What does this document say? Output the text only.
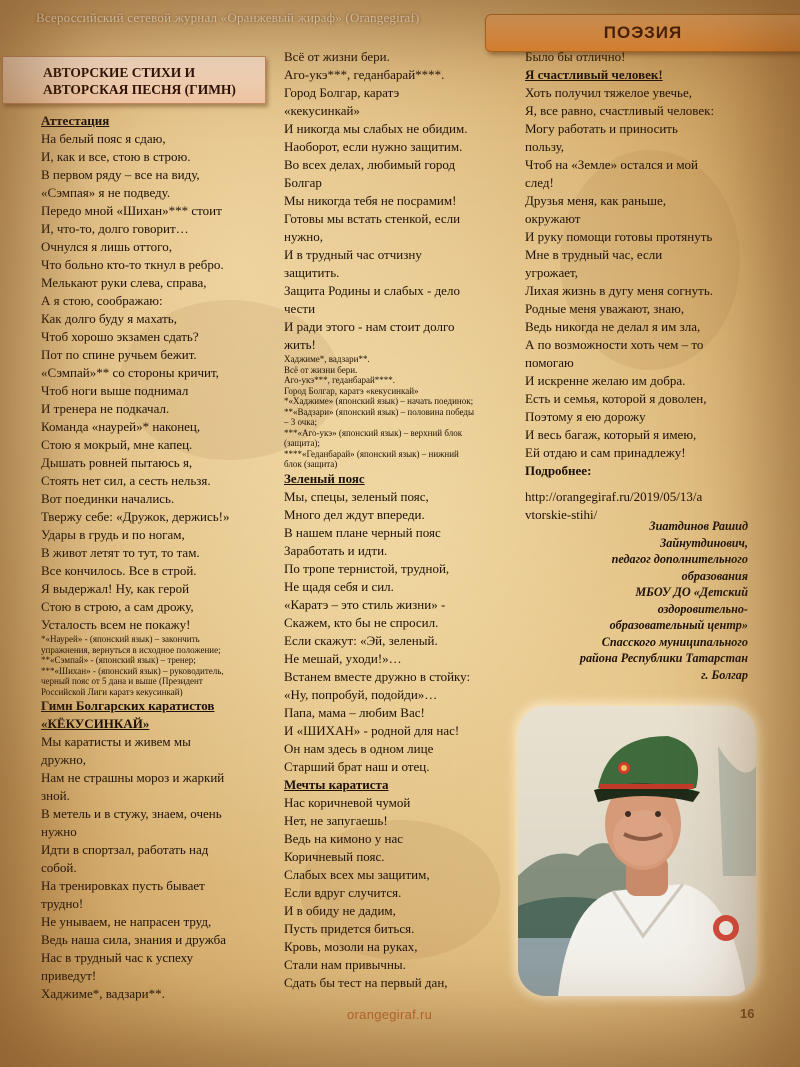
Всероссийский сетевой журнал «Оранжевый жираф» (Orangegiraf)
ПОЭЗИЯ
АВТОРСКИЕ СТИХИ И
АВТОРСКАЯ ПЕСНЯ (ГИМН)
Аттестация
На белый пояс я сдаю,
И, как и все, стою в строю.
В первом ряду – все на виду,
«Сэмпая» я не подведу.
Передо мной «Шихан»*** стоит
И, что-то, долго говорит…
Очнулся я лишь оттого,
Что больно кто-то ткнул в ребро.
Мелькают руки слева, справа,
А я стою, соображаю:
Как долго буду я махать,
Чтоб хорошо экзамен сдать?
Пот по спине ручьем бежит.
«Сэмпай»** со стороны кричит,
Чтоб ноги выше поднимал
И тренера не подкачал.
Команда «наурей»* наконец,
Стою я мокрый, мне капец.
Дышать ровней пытаюсь я,
Стоять нет сил, а сесть нельзя.
Вот поединки начались.
Твержу себе: «Дружок, держись!»
Удары в грудь и по ногам,
В живот летят то тут, то там.
Все кончилось. Все в строй.
Я выдержал! Ну, как герой
Стою в строю, а сам дрожу,
Усталость всем не покажу!
*«Наурей» - (японский язык) – закончить
упражнения, вернуться в исходное положение;
**«Сэмпай» - (японский язык) – тренер;
***«Шихан» - (японский язык) – руководитель,
черный пояс от 5 дана и выше (Президент
Российской Лиги каратэ кекусинкай)
Гимн Болгарских каратистов
«КЁКУСИНКАЙ»
Мы каратисты и живем мы
дружно,
Нам не страшны мороз и жаркий
зной.
В метель и в стужу, знаем, очень
нужно
Идти в спортзал, работать над
собой.
На тренировках пусть бывает
трудно!
Не унываем, не напрасен труд,
Ведь наша сила, знания и дружба
Нас в трудный час к успеху
приведут!
Хаджиме*, вадзари**.
Всё от жизни бери.
Аго-укэ***, геданбарай****.
Город Болгар, каратэ
«кекусинкай»
И никогда мы слабых не обидим.
Наоборот, если нужно защитим.
Во всех делах, любимый город
Болгар
Мы никогда тебя не посрамим!
Готовы мы встать стенкой, если
нужно,
И в трудный час отчизну
защитить.
Защита Родины и слабых - дело
чести
И ради этого - нам стоит долго
жить!
Хаджиме*, вадзари**.
Всё от жизни бери.
Аго-укэ***, геданбарай****.
Город Болгар, каратэ «кекусинкай»
*«Хаджиме» (японский язык) – начать поединок;
**«Вадзари» (японский язык) – половина победы
– 3 очка;
***«Аго-укэ» (японский язык) – верхний блок
(защита);
****«Геданбарай» (японский язык) – нижний
блок (защита)
Зеленый пояс
Мы, спецы, зеленый пояс,
Много дел ждут впереди.
В нашем плане черный пояс
Заработать и идти.
По тропе тернистой, трудной,
Не щадя себя и сил.
«Каратэ – это стиль жизни» -
Скажем, кто бы не спросил.
Если скажут: «Эй, зеленый.
Не мешай, уходи!»…
Встанем вместе дружно в стойку:
«Ну, попробуй, подойди»…
Папа, мама – любим Вас!
И «ШИХАН» - родной для нас!
Он нам здесь в одном лице
Старший брат наш и отец.
Мечты каратиста
Нас коричневой чумой
Нет, не запугаешь!
Ведь на кимоно у нас
Коричневый пояс.
Слабых всех мы защитим,
Если вдруг случится.
И в обиду не дадим,
Пусть придется биться.
Кровь, мозоли на руках,
Стали нам привычны.
Сдать бы тест на первый дан,
Было бы отлично!
Я счастливый человек!
Хоть получил тяжелое увечье,
Я, все равно, счастливый человек:
Могу работать и приносить
пользу,
Чтоб на «Земле» остался и мой
след!
Друзья меня, как раньше,
окружают
И руку помощи готовы протянуть
Мне в трудный час, если
угрожает,
Лихая жизнь в дугу меня согнуть.
Родные меня уважают, знаю,
Ведь никогда не делал я им зла,
А по возможности хоть чем – то
помогаю
И искренне желаю им добра.
Есть и семья, которой я доволен,
Поэтому я ею дорожу
И весь багаж, который я имею,
Ей отдаю и сам принадлежу!
Подробнее:
http://orangegiraf.ru/2019/05/13/a
vtorskie-stihi/
Зиатдинов Рашид
Зайнутдинович,
педагог дополнительного
образования
МБОУ ДО «Детский
оздоровительно-
образовательный центр»
Спасского муниципального
района Республики Татарстан
г. Болгар
orangegiraf.ru	16
